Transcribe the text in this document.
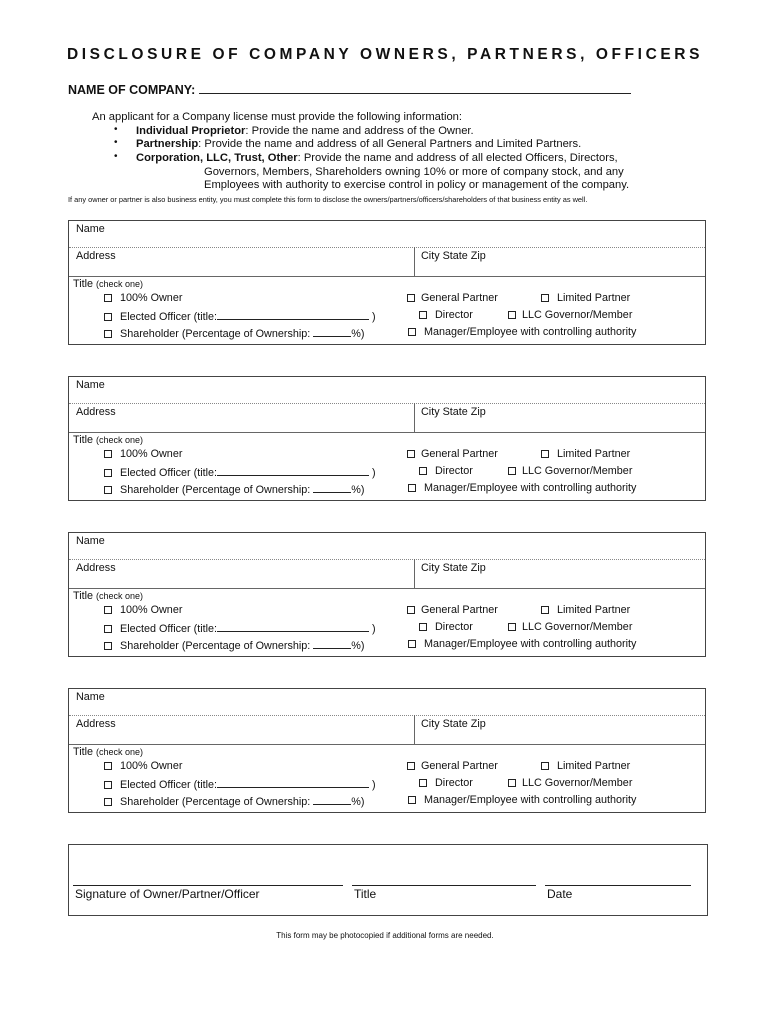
DISCLOSURE OF COMPANY OWNERS, PARTNERS, OFFICERS
NAME OF COMPANY:
An applicant for a Company license must provide the following information:
• Individual Proprietor: Provide the name and address of the Owner.
• Partnership: Provide the name and address of all General Partners and Limited Partners.
• Corporation, LLC, Trust, Other: Provide the name and address of all elected Officers, Directors,
Governors, Members, Shareholders owning 10% or more of company stock, and any
Employees with authority to exercise control in policy or management of the company.
If any owner or partner is also business entity, you must complete this form to disclose the owners/partners/officers/shareholders of that business entity as well.
Name
Address	City State Zip
Title (check one)
100% Owner
Elected Officer (title:	)
Shareholder (Percentage of Ownership:	%)
General Partner	Limited Partner
Director	LLC Governor/Member
Manager/Employee with controlling authority
Name
Address	City State Zip
Title (check one)
100% Owner
Elected Officer (title:	)
Shareholder (Percentage of Ownership:	%)
General Partner	Limited Partner
Director	LLC Governor/Member
Manager/Employee with controlling authority
Name
Address	City State Zip
Title (check one)
100% Owner
Elected Officer (title:	)
Shareholder (Percentage of Ownership:	%)
General Partner	Limited Partner
Director	LLC Governor/Member
Manager/Employee with controlling authority
Name
Address	City State Zip
Title (check one)
100% Owner
Elected Officer (title:	)
Shareholder (Percentage of Ownership:	%)
General Partner	Limited Partner
Director	LLC Governor/Member
Manager/Employee with controlling authority
Signature of Owner/Partner/Officer	Title	Date
This form may be photocopied if additional forms are needed.
